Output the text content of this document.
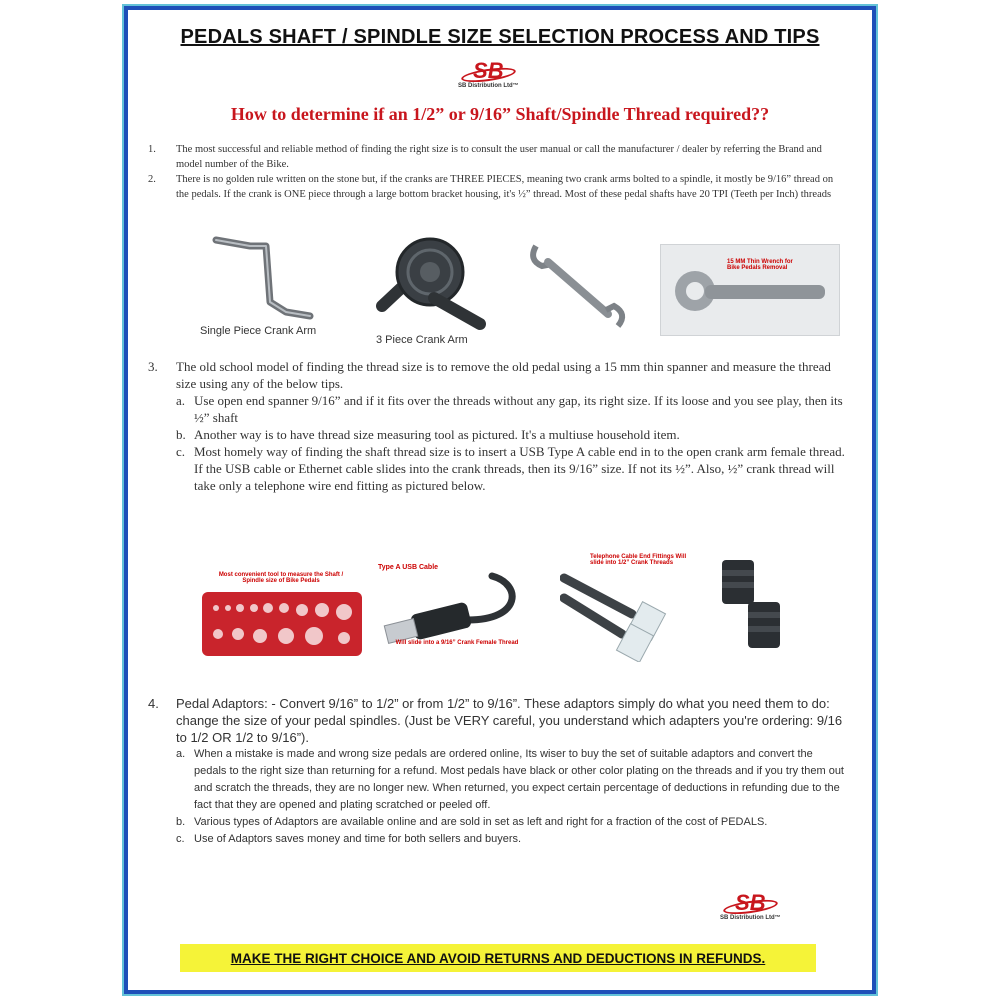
PEDALS SHAFT / SPINDLE SIZE SELECTION PROCESS AND TIPS
SB
SB Distribution Ltd™
How to determine if an 1/2” or 9/16” Shaft/Spindle Thread required??
1.	The most successful and reliable method of finding the right size is to consult the user manual or call the manufacturer / dealer by referring the Brand and model number of the Bike.
2.	There is no golden rule written on the stone but, if the cranks are THREE PIECES, meaning two crank arms bolted to a spindle, it mostly be 9/16” thread on the pedals. If the crank is ONE piece through a large bottom bracket housing, it's ½” thread. Most of these pedal shafts have 20 TPI (Teeth per Inch) threads
Single Piece Crank Arm
3 Piece Crank Arm
15 MM Thin Wrench for Bike Pedals Removal
3.	The old school model of finding the thread size is to remove the old pedal using a 15 mm thin spanner and measure the thread size using any of the below tips.
a. Use open end spanner 9/16” and if it fits over the threads without any gap, its right size. If its loose and you see play, then its ½” shaft
b. Another way is to have thread size measuring tool as pictured. It's a multiuse household item.
c. Most homely way of finding the shaft thread size is to insert a USB Type A cable end in to the open crank arm female thread. If the USB cable or Ethernet cable slides into the crank threads, then its 9/16” size. If not its ½”. Also, ½” crank thread will take only a telephone wire end fitting as pictured below.
Most convenient tool to measure the Shaft / Spindle size of Bike Pedals
Type A USB Cable
Will slide into a 9/16” Crank Female Thread
Telephone Cable End Fittings Will slide into 1/2” Crank Threads
4.	Pedal Adaptors: - Convert 9/16” to 1/2” or from 1/2” to 9/16”. These adaptors simply do what you need them to do: change the size of your pedal spindles. (Just be VERY careful, you understand which adapters you're ordering: 9/16 to 1/2 OR 1/2 to 9/16”).
a. When a mistake is made and wrong size pedals are ordered online, Its wiser to buy the set of suitable adaptors and convert the pedals to the right size than returning for a refund. Most pedals have black or other color plating on the threads and if you try them out and scratch the threads, they are no longer new. When returned, you expect certain percentage of deductions in refunding due to the fact that they are opened and plating scratched or peeled off.
b. Various types of Adaptors are available online and are sold in set as left and right for a fraction of the cost of PEDALS.
c. Use of Adaptors saves money and time for both sellers and buyers.
SB
SB Distribution Ltd™
MAKE THE RIGHT CHOICE AND AVOID RETURNS AND DEDUCTIONS IN REFUNDS.
